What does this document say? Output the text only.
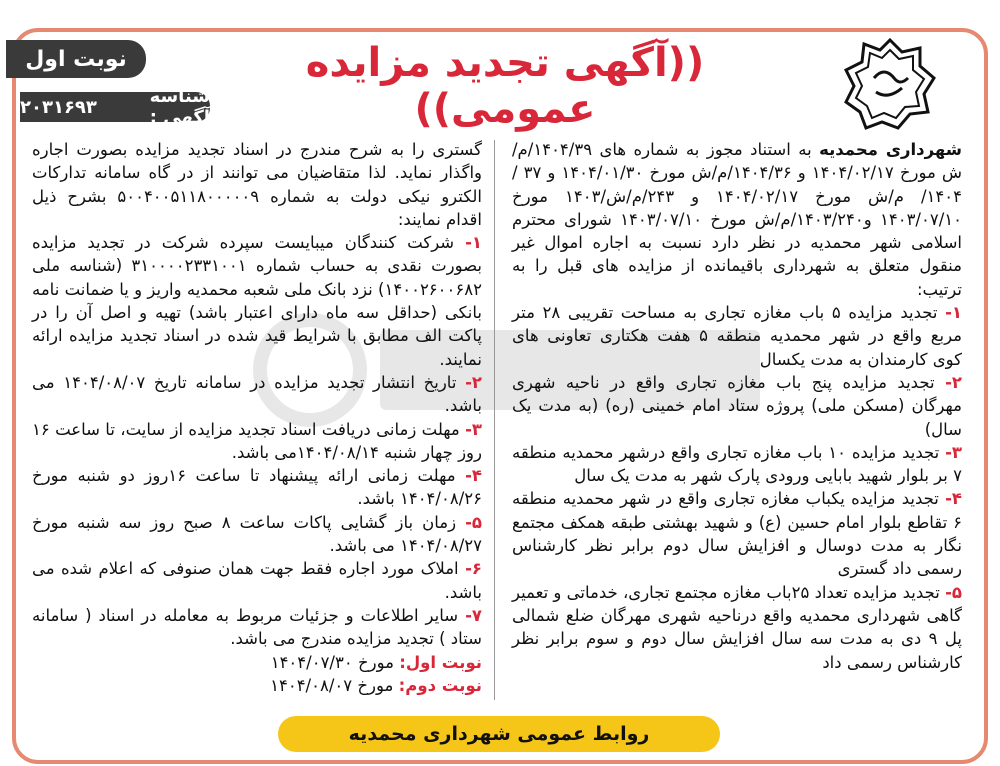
نوبت اول
شناسه آگهی :
۲۰۳۱۶۹۳
((آگهی تجدید مزایده عمومی))

شهرداری محمدیه به استناد مجوز به شماره های ۱۴۰۴/۳۹/م/ش مورخ ۱۴۰۴/۰۲/۱۷ و ۱۴۰۴/۳۶/م/ش مورخ ۱۴۰۴/۰۱/۳۰ و ۳۷ /۱۴۰۴/ م/ش مورخ ۱۴۰۴/۰۲/۱۷ و ۲۴۳/م/ش/۱۴۰۳ مورخ ۱۴۰۳/۰۷/۱۰ و۱۴۰۳/۲۴۰/م/ش مورخ ۱۴۰۳/۰۷/۱۰ شورای محترم اسلامی شهر محمدیه در نظر دارد نسبت به اجاره اموال غیر منقول متعلق به شهرداری باقیمانده از مزایده های قبل را به ترتیب:

۱- تجدید مزایده ۵ باب مغازه تجاری به مساحت تقریبی ۲۸ متر مربع واقع در شهر محمدیه منطقه ۵ هفت هکتاری تعاونی های کوی کارمندان به مدت یکسال

۲- تجدید مزایده پنج باب مغازه تجاری واقع در ناحیه شهری مهرگان (مسکن ملی) پروژه ستاد امام خمینی (ره) (به مدت یک سال)

۳- تجدید مزایده ۱۰ باب مغازه تجاری واقع درشهر محمدیه منطقه ۷ بر بلوار شهید بابایی ورودی پارک شهر به مدت یک سال

۴- تجدید مزایده یکباب مغازه تجاری واقع در شهر محمدیه منطقه ۶ تقاطع بلوار امام حسین (ع) و شهید بهشتی طبقه همکف مجتمع نگار به مدت دوسال و افزایش سال دوم برابر نظر کارشناس رسمی داد گستری

۵- تجدید مزایده تعداد ۲۵باب مغازه مجتمع تجاری، خدماتی و تعمیر گاهی شهرداری محمدیه واقع درناحیه شهری مهرگان ضلع شمالی پل ۹ دی به مدت سه سال افزایش سال دوم و سوم برابر نظر کارشناس رسمی داد

گستری را به شرح مندرج در اسناد تجدید مزایده بصورت اجاره واگذار نماید. لذا متقاضیان می توانند از در گاه سامانه تدارکات الکترو نیکی دولت به شماره ۵۰۰۴۰۰۵۱۱۸۰۰۰۰۰۹ بشرح ذیل اقدام نمایند:

۱- شرکت کنندگان میبایست سپرده شرکت در تجدید مزایده بصورت نقدی به حساب شماره ۳۱۰۰۰۰۲۳۳۱۰۰۱ (شناسه ملی ۱۴۰۰۲۶۰۰۶۸۲) نزد بانک ملی شعبه محمدیه واریز و یا ضمانت نامه بانکی (حداقل سه ماه دارای اعتبار باشد) تهیه و اصل آن را در پاکت الف مطابق با شرایط قید شده در اسناد تجدید مزایده ارائه نمایند.

۲- تاریخ انتشار تجدید مزایده در سامانه تاریخ ۱۴۰۴/۰۸/۰۷ می باشد.

۳- مهلت زمانی دریافت اسناد تجدید مزایده از سایت، تا ساعت ۱۶ روز چهار شنبه ۱۴۰۴/۰۸/۱۴می باشد.

۴- مهلت زمانی ارائه پیشنهاد تا ساعت ۱۶روز دو شنبه مورخ ۱۴۰۴/۰۸/۲۶ باشد.

۵- زمان باز گشایی پاکات ساعت ۸ صبح روز سه شنبه مورخ ۱۴۰۴/۰۸/۲۷ می باشد.

۶- املاک مورد اجاره فقط جهت همان صنوفی که اعلام شده می باشد.

۷- سایر اطلاعات و جزئیات مربوط به معامله در اسناد ( سامانه ستاد ) تجدید مزایده مندرج می باشد.

نوبت اول: مورخ ۱۴۰۴/۰۷/۳۰

نوبت دوم: مورخ ۱۴۰۴/۰۸/۰۷

روابط عمومی شهرداری محمدیه
